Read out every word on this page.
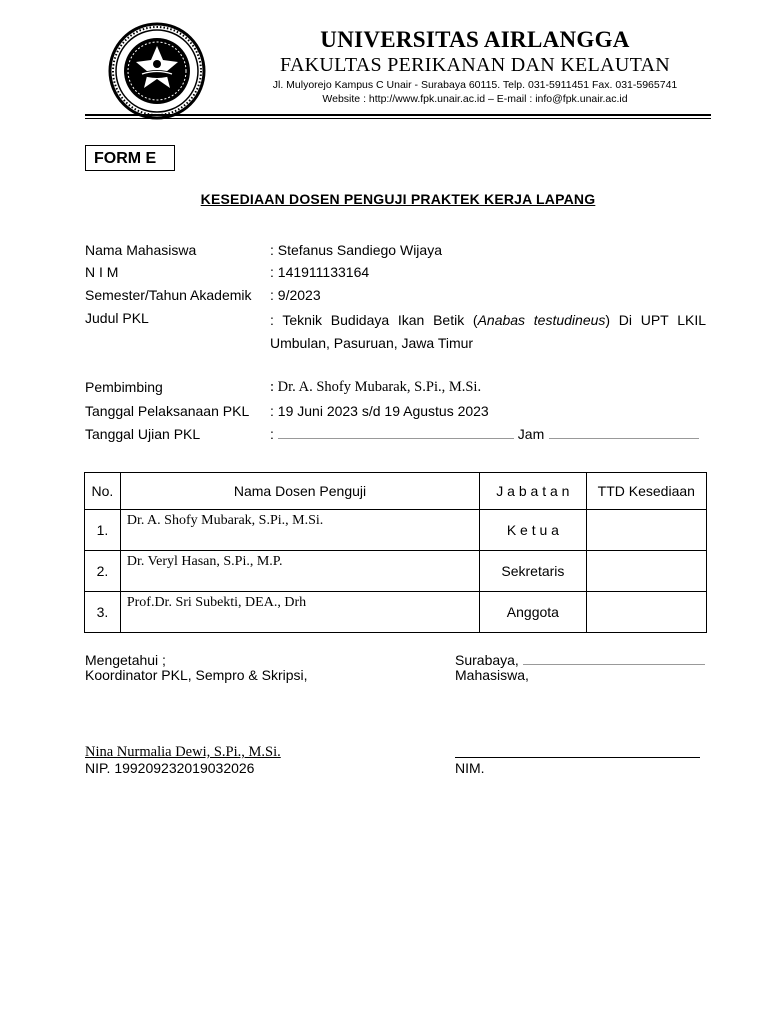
UNIVERSITAS AIRLANGGA
FAKULTAS PERIKANAN DAN KELAUTAN
Jl. Mulyorejo Kampus C Unair - Surabaya 60115. Telp. 031-5911451 Fax. 031-5965741
Website : http://www.fpk.unair.ac.id – E-mail : info@fpk.unair.ac.id
FORM E
KESEDIAAN DOSEN PENGUJI PRAKTEK KERJA LAPANG
Nama Mahasiswa	: Stefanus Sandiego Wijaya
N I M	: 141911133164
Semester/Tahun Akademik : 9/2023
Judul PKL	: Teknik Budidaya Ikan Betik (Anabas testudineus) Di UPT LKIL Umbulan, Pasuruan, Jawa Timur
Pembimbing	: Dr. A. Shofy Mubarak, S.Pi., M.Si.
Tanggal Pelaksanaan PKL : 19 Juni 2023 s/d 19 Agustus 2023
Tanggal Ujian PKL	:	Jam
No.	Nama Dosen Penguji	J a b a t a n	TTD Kesediaan
1.	Dr. A. Shofy Mubarak, S.Pi., M.Si.	K e t u a	
2.	Dr. Veryl Hasan, S.Pi., M.P.	Sekretaris	
3.	Prof.Dr. Sri Subekti, DEA., Drh	Anggota	
Mengetahui ;
Koordinator PKL, Sempro & Skripsi,
Nina Nurmalia Dewi, S.Pi., M.Si.
NIP. 199209232019032026
Surabaya,
Mahasiswa,
NIM.
